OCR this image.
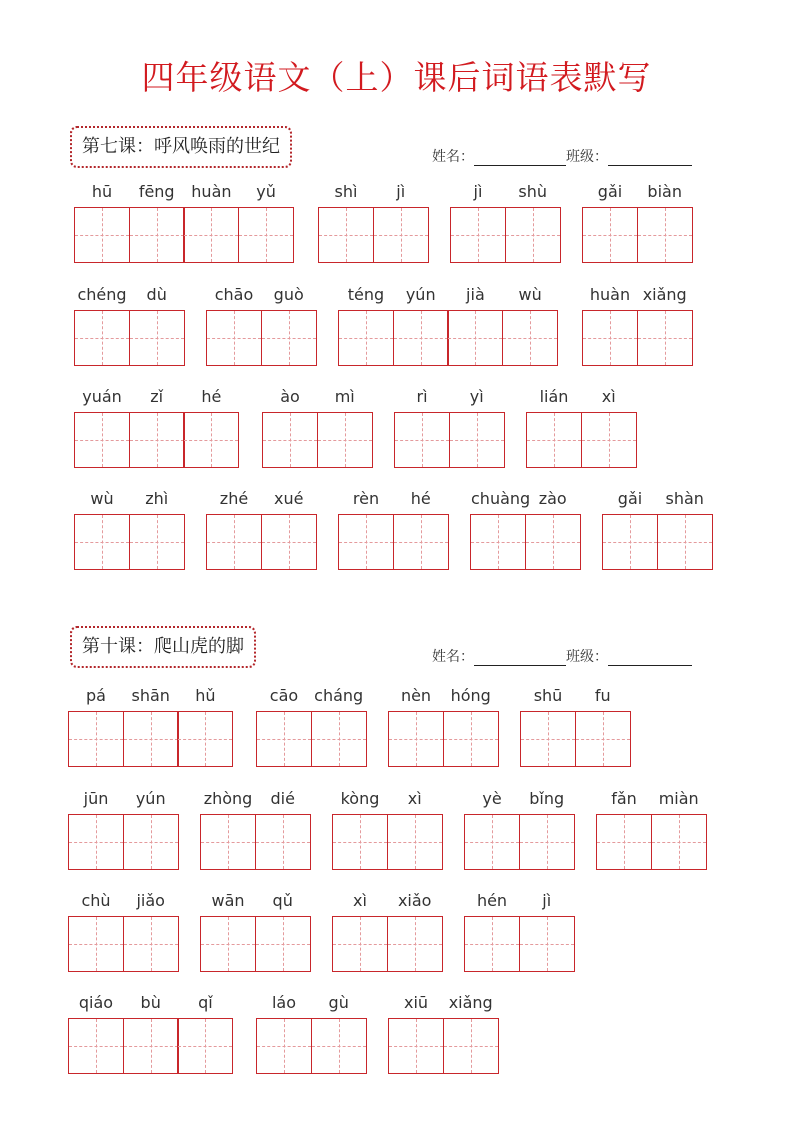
四年级语文（上）课后词语表默写
第七课：呼风唤雨的世纪	姓名：	班级：
第十课：爬山虎的脚	姓名：	班级：
hū	fēng	huàn	yǔ	shì	jì	jì	shù	gǎi	biàn
chéng	dù	chāo	guò	téng	yún	jià	wù	huàn xiǎng
yuán	zǐ	hé	ào	mì	rì	yì	lián	xì
wù	zhì	zhé	xué	rèn	hé	chuàng zào	gǎi	shàn
pá	shān	hǔ	cāo cháng	nèn	hóng	shū	fu
jūn	yún	zhòng	dié	kòng	xì	yè	bǐng	fǎn	miàn
chù	jiǎo	wān	qǔ	xì	xiǎo	hén	jì
qiáo	bù	qǐ	láo	gù	xiū	xiǎng
